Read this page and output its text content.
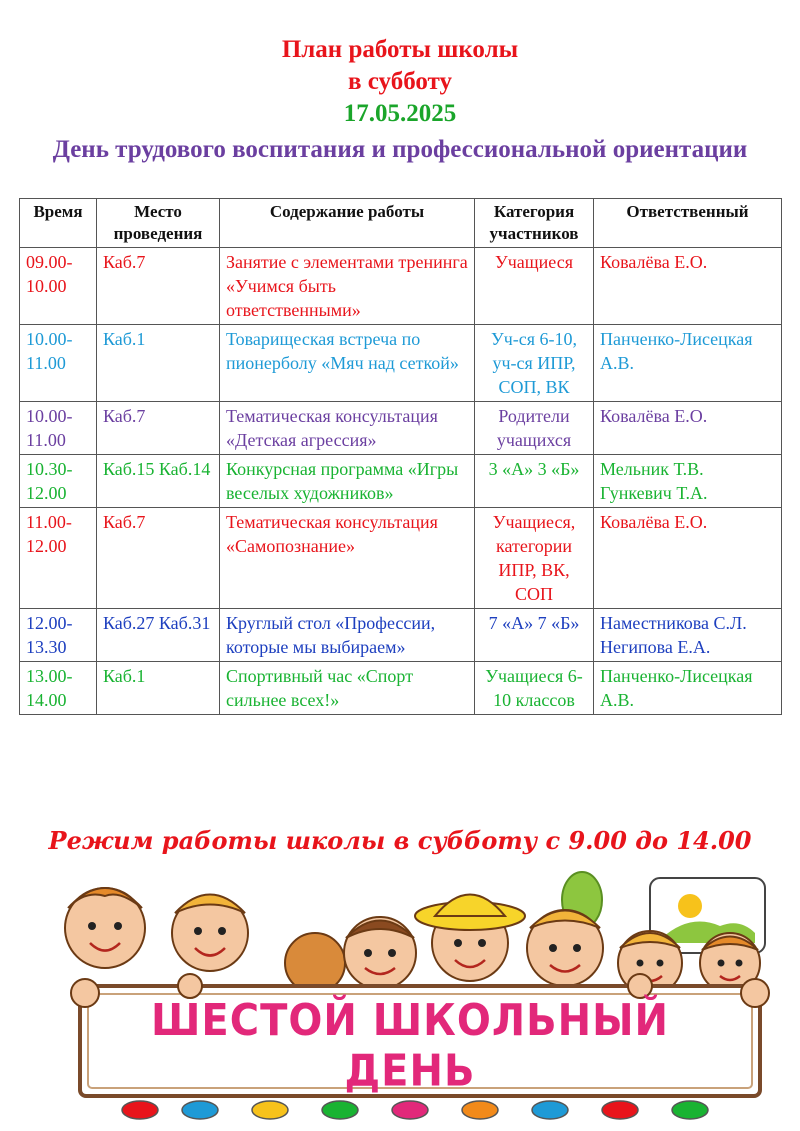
План работы школы
в субботу
17.05.2025
День трудового воспитания и профессиональной ориентации
Время	Место проведения	Содержание работы	Категория участников	Ответственный
09.00-10.00	Каб.7	Занятие с элементами тренинга «Учимся быть ответственными»	Учащиеся	Ковалёва Е.О.
10.00-11.00	Каб.1	Товарищеская встреча по пионерболу «Мяч над сеткой»	Уч-ся 6-10, уч-ся ИПР, СОП, ВК	Панченко-Лисецкая А.В.
10.00-11.00	Каб.7	Тематическая консультация «Детская агрессия»	Родители учащихся	Ковалёва Е.О.
10.30-12.00	Каб.15 Каб.14	Конкурсная программа «Игры веселых художников»	3 «А» 3 «Б»	Мельник Т.В. Гункевич Т.А.
11.00-12.00	Каб.7	Тематическая консультация «Самопознание»	Учащиеся, категории ИПР, ВК, СОП	Ковалёва Е.О.
12.00-13.30	Каб.27 Каб.31	Круглый стол «Профессии, которые мы выбираем»	7 «А» 7 «Б»	Наместникова С.Л. Негипова Е.А.
13.00-14.00	Каб.1	Спортивный час «Спорт сильнее всех!»	Учащиеся 6-10 классов	Панченко-Лисецкая А.В.
Режим работы школы в субботу с 9.00 до 14.00
ШЕСТОЙ ШКОЛЬНЫЙ ДЕНЬ
